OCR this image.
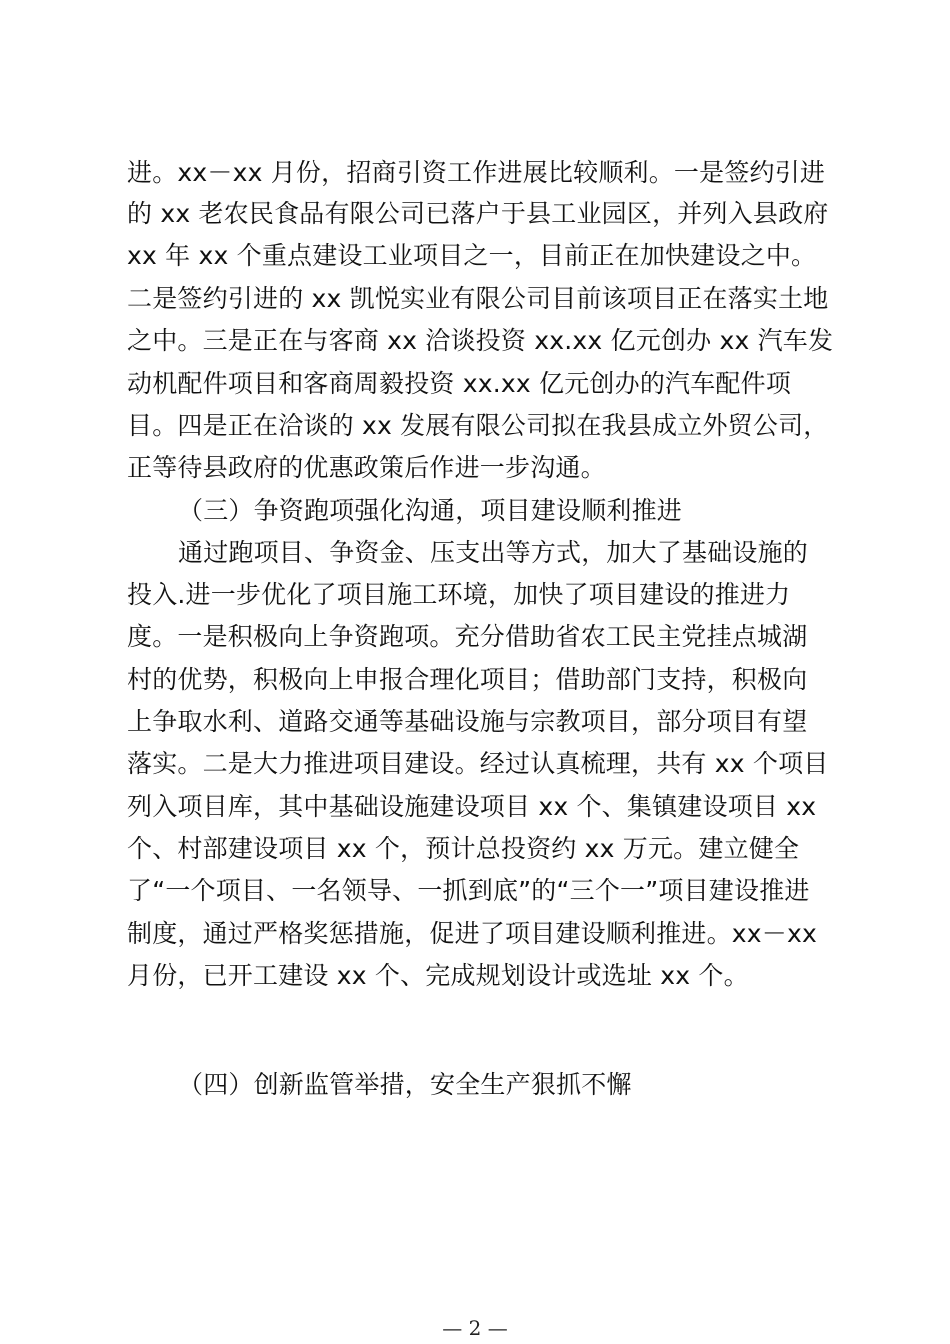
进。xx－xx 月份，招商引资工作进展比较顺利。一是签约引进
的 xx 老农民食品有限公司已落户于县工业园区，并列入县政府
xx 年 xx 个重点建设工业项目之一，目前正在加快建设之中。
二是签约引进的 xx 凯悦实业有限公司目前该项目正在落实土地
之中。三是正在与客商 xx 洽谈投资 xx.xx 亿元创办 xx 汽车发
动机配件项目和客商周毅投资 xx.xx 亿元创办的汽车配件项
目。四是正在洽谈的 xx 发展有限公司拟在我县成立外贸公司，
正等待县政府的优惠政策后作进一步沟通。
（三）争资跑项强化沟通，项目建设顺利推进
通过跑项目、争资金、压支出等方式，加大了基础设施的
投入.进一步优化了项目施工环境，加快了项目建设的推进力
度。一是积极向上争资跑项。充分借助省农工民主党挂点城湖
村的优势，积极向上申报合理化项目；借助部门支持，积极向
上争取水利、道路交通等基础设施与宗教项目，部分项目有望
落实。二是大力推进项目建设。经过认真梳理，共有 xx 个项目
列入项目库，其中基础设施建设项目 xx 个、集镇建设项目 xx
个、村部建设项目 xx 个，预计总投资约 xx 万元。建立健全
了“一个项目、一名领导、一抓到底”的“三个一”项目建设推进
制度，通过严格奖惩措施，促进了项目建设顺利推进。xx－xx
月份，已开工建设 xx 个、完成规划设计或选址 xx 个。
（四）创新监管举措，安全生产狠抓不懈
— 2 —
